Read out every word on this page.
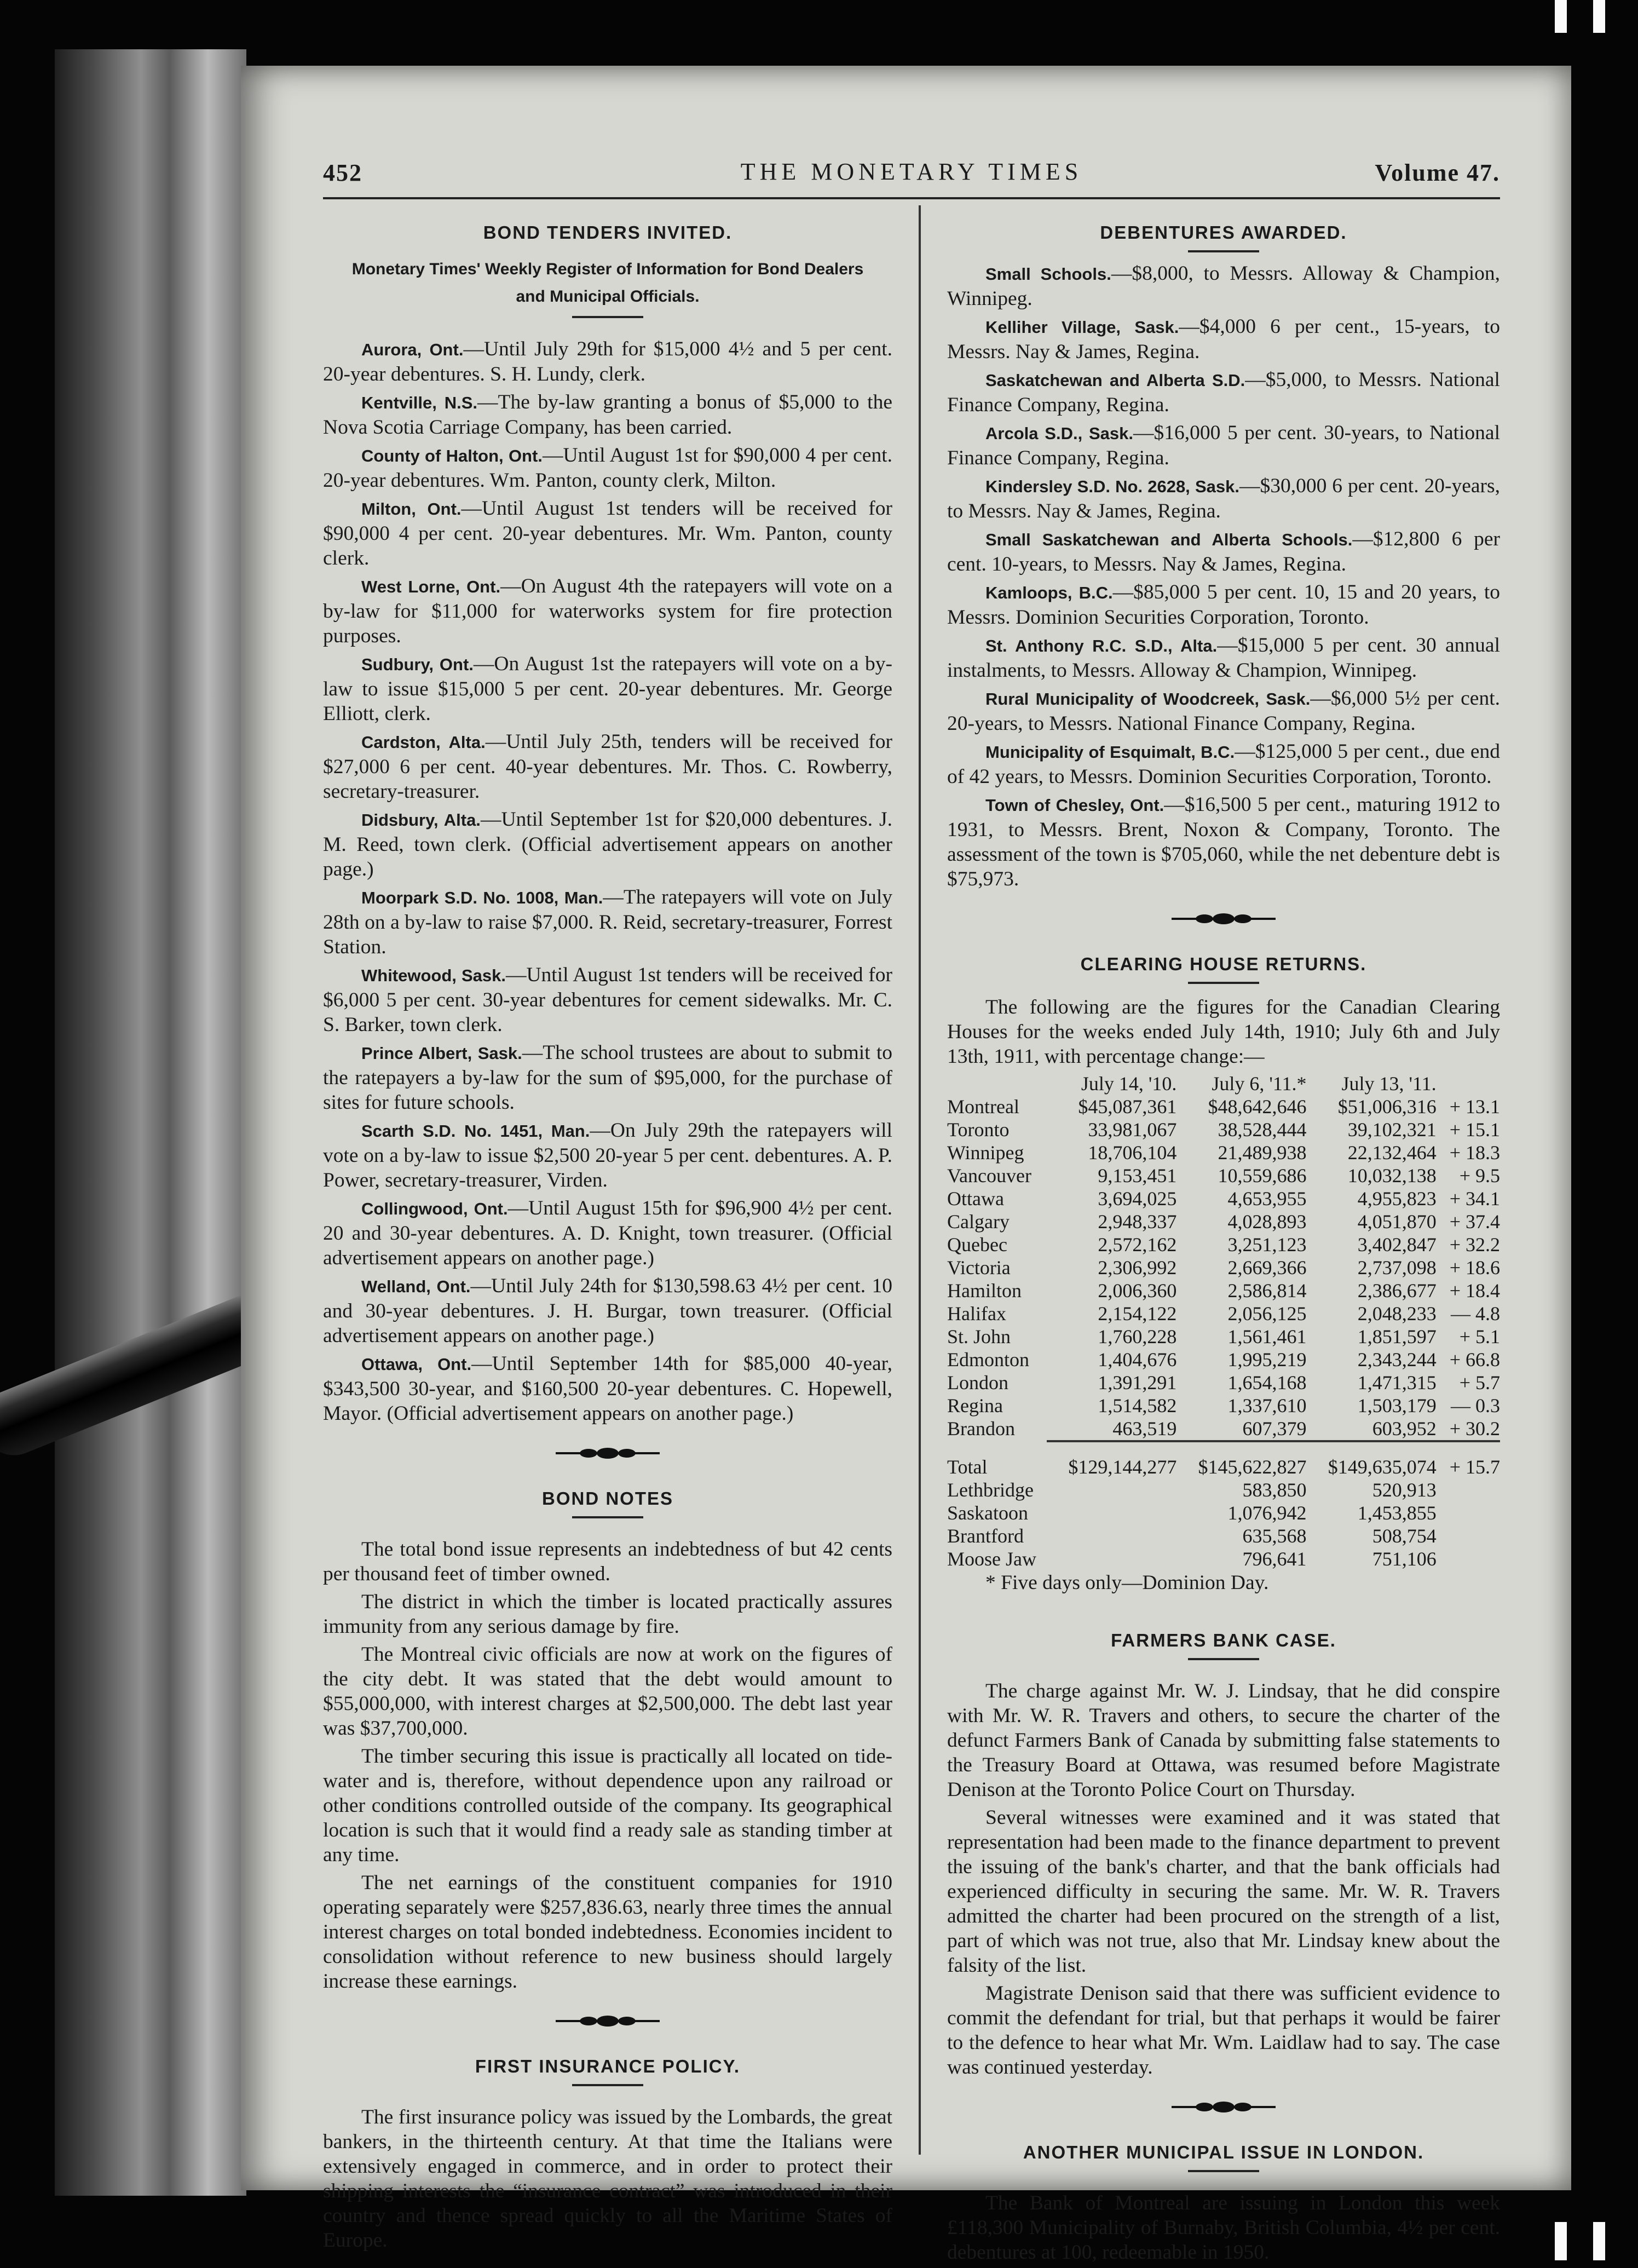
452	THE MONETARY TIMES	Volume 47.
BOND TENDERS INVITED.
Monetary Times' Weekly Register of Information for Bond Dealers and Municipal Officials.

Aurora, Ont.—Until July 29th for $15,000 4½ and 5 per cent. 20-year debentures. S. H. Lundy, clerk.

Kentville, N.S.—The by-law granting a bonus of $5,000 to the Nova Scotia Carriage Company, has been carried.

County of Halton, Ont.—Until August 1st for $90,000 4 per cent. 20-year debentures. Wm. Panton, county clerk, Milton.

Milton, Ont.—Until August 1st tenders will be received for $90,000 4 per cent. 20-year debentures. Mr. Wm. Panton, county clerk.

West Lorne, Ont.—On August 4th the ratepayers will vote on a by-law for $11,000 for waterworks system for fire protection purposes.

Sudbury, Ont.—On August 1st the ratepayers will vote on a by-law to issue $15,000 5 per cent. 20-year debentures. Mr. George Elliott, clerk.

Cardston, Alta.—Until July 25th, tenders will be received for $27,000 6 per cent. 40-year debentures. Mr. Thos. C. Rowberry, secretary-treasurer.

Didsbury, Alta.—Until September 1st for $20,000 debentures. J. M. Reed, town clerk. (Official advertisement appears on another page.)

Moorpark S.D. No. 1008, Man.—The ratepayers will vote on July 28th on a by-law to raise $7,000. R. Reid, secretary-treasurer, Forrest Station.

Whitewood, Sask.—Until August 1st tenders will be received for $6,000 5 per cent. 30-year debentures for cement sidewalks. Mr. C. S. Barker, town clerk.

Prince Albert, Sask.—The school trustees are about to submit to the ratepayers a by-law for the sum of $95,000, for the purchase of sites for future schools.

Scarth S.D. No. 1451, Man.—On July 29th the ratepayers will vote on a by-law to issue $2,500 20-year 5 per cent. debentures. A. P. Power, secretary-treasurer, Virden.

Collingwood, Ont.—Until August 15th for $96,900 4½ per cent. 20 and 30-year debentures. A. D. Knight, town treasurer. (Official advertisement appears on another page.)

Welland, Ont.—Until July 24th for $130,598.63 4½ per cent. 10 and 30-year debentures. J. H. Burgar, town treasurer. (Official advertisement appears on another page.)

Ottawa, Ont.—Until September 14th for $85,000 40-year, $343,500 30-year, and $160,500 20-year debentures. C. Hopewell, Mayor. (Official advertisement appears on another page.)

BOND NOTES

The total bond issue represents an indebtedness of but 42 cents per thousand feet of timber owned.

The district in which the timber is located practically assures immunity from any serious damage by fire.

The Montreal civic officials are now at work on the figures of the city debt. It was stated that the debt would amount to $55,000,000, with interest charges at $2,500,000. The debt last year was $37,700,000.

The timber securing this issue is practically all located on tide-water and is, therefore, without dependence upon any railroad or other conditions controlled outside of the company. Its geographical location is such that it would find a ready sale as standing timber at any time.

The net earnings of the constituent companies for 1910 operating separately were $257,836.63, nearly three times the annual interest charges on total bonded indebtedness. Economies incident to consolidation without reference to new business should largely increase these earnings.

FIRST INSURANCE POLICY.

The first insurance policy was issued by the Lombards, the great bankers, in the thirteenth century. At that time the Italians were extensively engaged in commerce, and in order to protect their shipping interests the “insurance contract” was introduced in their country and thence spread quickly to all the Maritime States of Europe.

DEBENTURES AWARDED.

Small Schools.—$8,000, to Messrs. Alloway & Champion, Winnipeg.

Kelliher Village, Sask.—$4,000 6 per cent., 15-years, to Messrs. Nay & James, Regina.

Saskatchewan and Alberta S.D.—$5,000, to Messrs. National Finance Company, Regina.

Arcola S.D., Sask.—$16,000 5 per cent. 30-years, to National Finance Company, Regina.

Kindersley S.D. No. 2628, Sask.—$30,000 6 per cent. 20-years, to Messrs. Nay & James, Regina.

Small Saskatchewan and Alberta Schools.—$12,800 6 per cent. 10-years, to Messrs. Nay & James, Regina.

Kamloops, B.C.—$85,000 5 per cent. 10, 15 and 20 years, to Messrs. Dominion Securities Corporation, Toronto.

St. Anthony R.C. S.D., Alta.—$15,000 5 per cent. 30 annual instalments, to Messrs. Alloway & Champion, Winnipeg.

Rural Municipality of Woodcreek, Sask.—$6,000 5½ per cent. 20-years, to Messrs. National Finance Company, Regina.

Municipality of Esquimalt, B.C.—$125,000 5 per cent., due end of 42 years, to Messrs. Dominion Securities Corporation, Toronto.

Town of Chesley, Ont.—$16,500 5 per cent., maturing 1912 to 1931, to Messrs. Brent, Noxon & Company, Toronto. The assessment of the town is $705,060, while the net debenture debt is $75,973.

CLEARING HOUSE RETURNS.

The following are the figures for the Canadian Clearing Houses for the weeks ended July 14th, 1910; July 6th and July 13th, 1911, with percentage change:—

	July 14, '10.	July 6, '11.*	July 13, '11.	
Montreal	$45,087,361	$48,642,646	$51,006,316	+ 13.1
Toronto	33,981,067	38,528,444	39,102,321	+ 15.1
Winnipeg	18,706,104	21,489,938	22,132,464	+ 18.3
Vancouver	9,153,451	10,559,686	10,032,138	+ 9.5
Ottawa	3,694,025	4,653,955	4,955,823	+ 34.1
Calgary	2,948,337	4,028,893	4,051,870	+ 37.4
Quebec	2,572,162	3,251,123	3,402,847	+ 32.2
Victoria	2,306,992	2,669,366	2,737,098	+ 18.6
Hamilton	2,006,360	2,586,814	2,386,677	+ 18.4
Halifax	2,154,122	2,056,125	2,048,233	— 4.8
St. John	1,760,228	1,561,461	1,851,597	+ 5.1
Edmonton	1,404,676	1,995,219	2,343,244	+ 66.8
London	1,391,291	1,654,168	1,471,315	+ 5.7
Regina	1,514,582	1,337,610	1,503,179	— 0.3
Brandon	463,519	607,379	603,952	+ 30.2

Total	$129,144,277	$145,622,827	$149,635,074	+ 15.7
Lethbridge		583,850	520,913	
Saskatoon		1,076,942	1,453,855	
Brantford		635,568	508,754	
Moose Jaw		796,641	751,106	

* Five days only—Dominion Day.

FARMERS BANK CASE.

The charge against Mr. W. J. Lindsay, that he did conspire with Mr. W. R. Travers and others, to secure the charter of the defunct Farmers Bank of Canada by submitting false statements to the Treasury Board at Ottawa, was resumed before Magistrate Denison at the Toronto Police Court on Thursday.

Several witnesses were examined and it was stated that representation had been made to the finance department to prevent the issuing of the bank's charter, and that the bank officials had experienced difficulty in securing the same. Mr. W. R. Travers admitted the charter had been procured on the strength of a list, part of which was not true, also that Mr. Lindsay knew about the falsity of the list.

Magistrate Denison said that there was sufficient evidence to commit the defendant for trial, but that perhaps it would be fairer to the defence to hear what Mr. Wm. Laidlaw had to say. The case was continued yesterday.

ANOTHER MUNICIPAL ISSUE IN LONDON.

The Bank of Montreal are issuing in London this week £118,300 Municipality of Burnaby, British Columbia, 4½ per cent. debentures at 100, redeemable in 1950.
